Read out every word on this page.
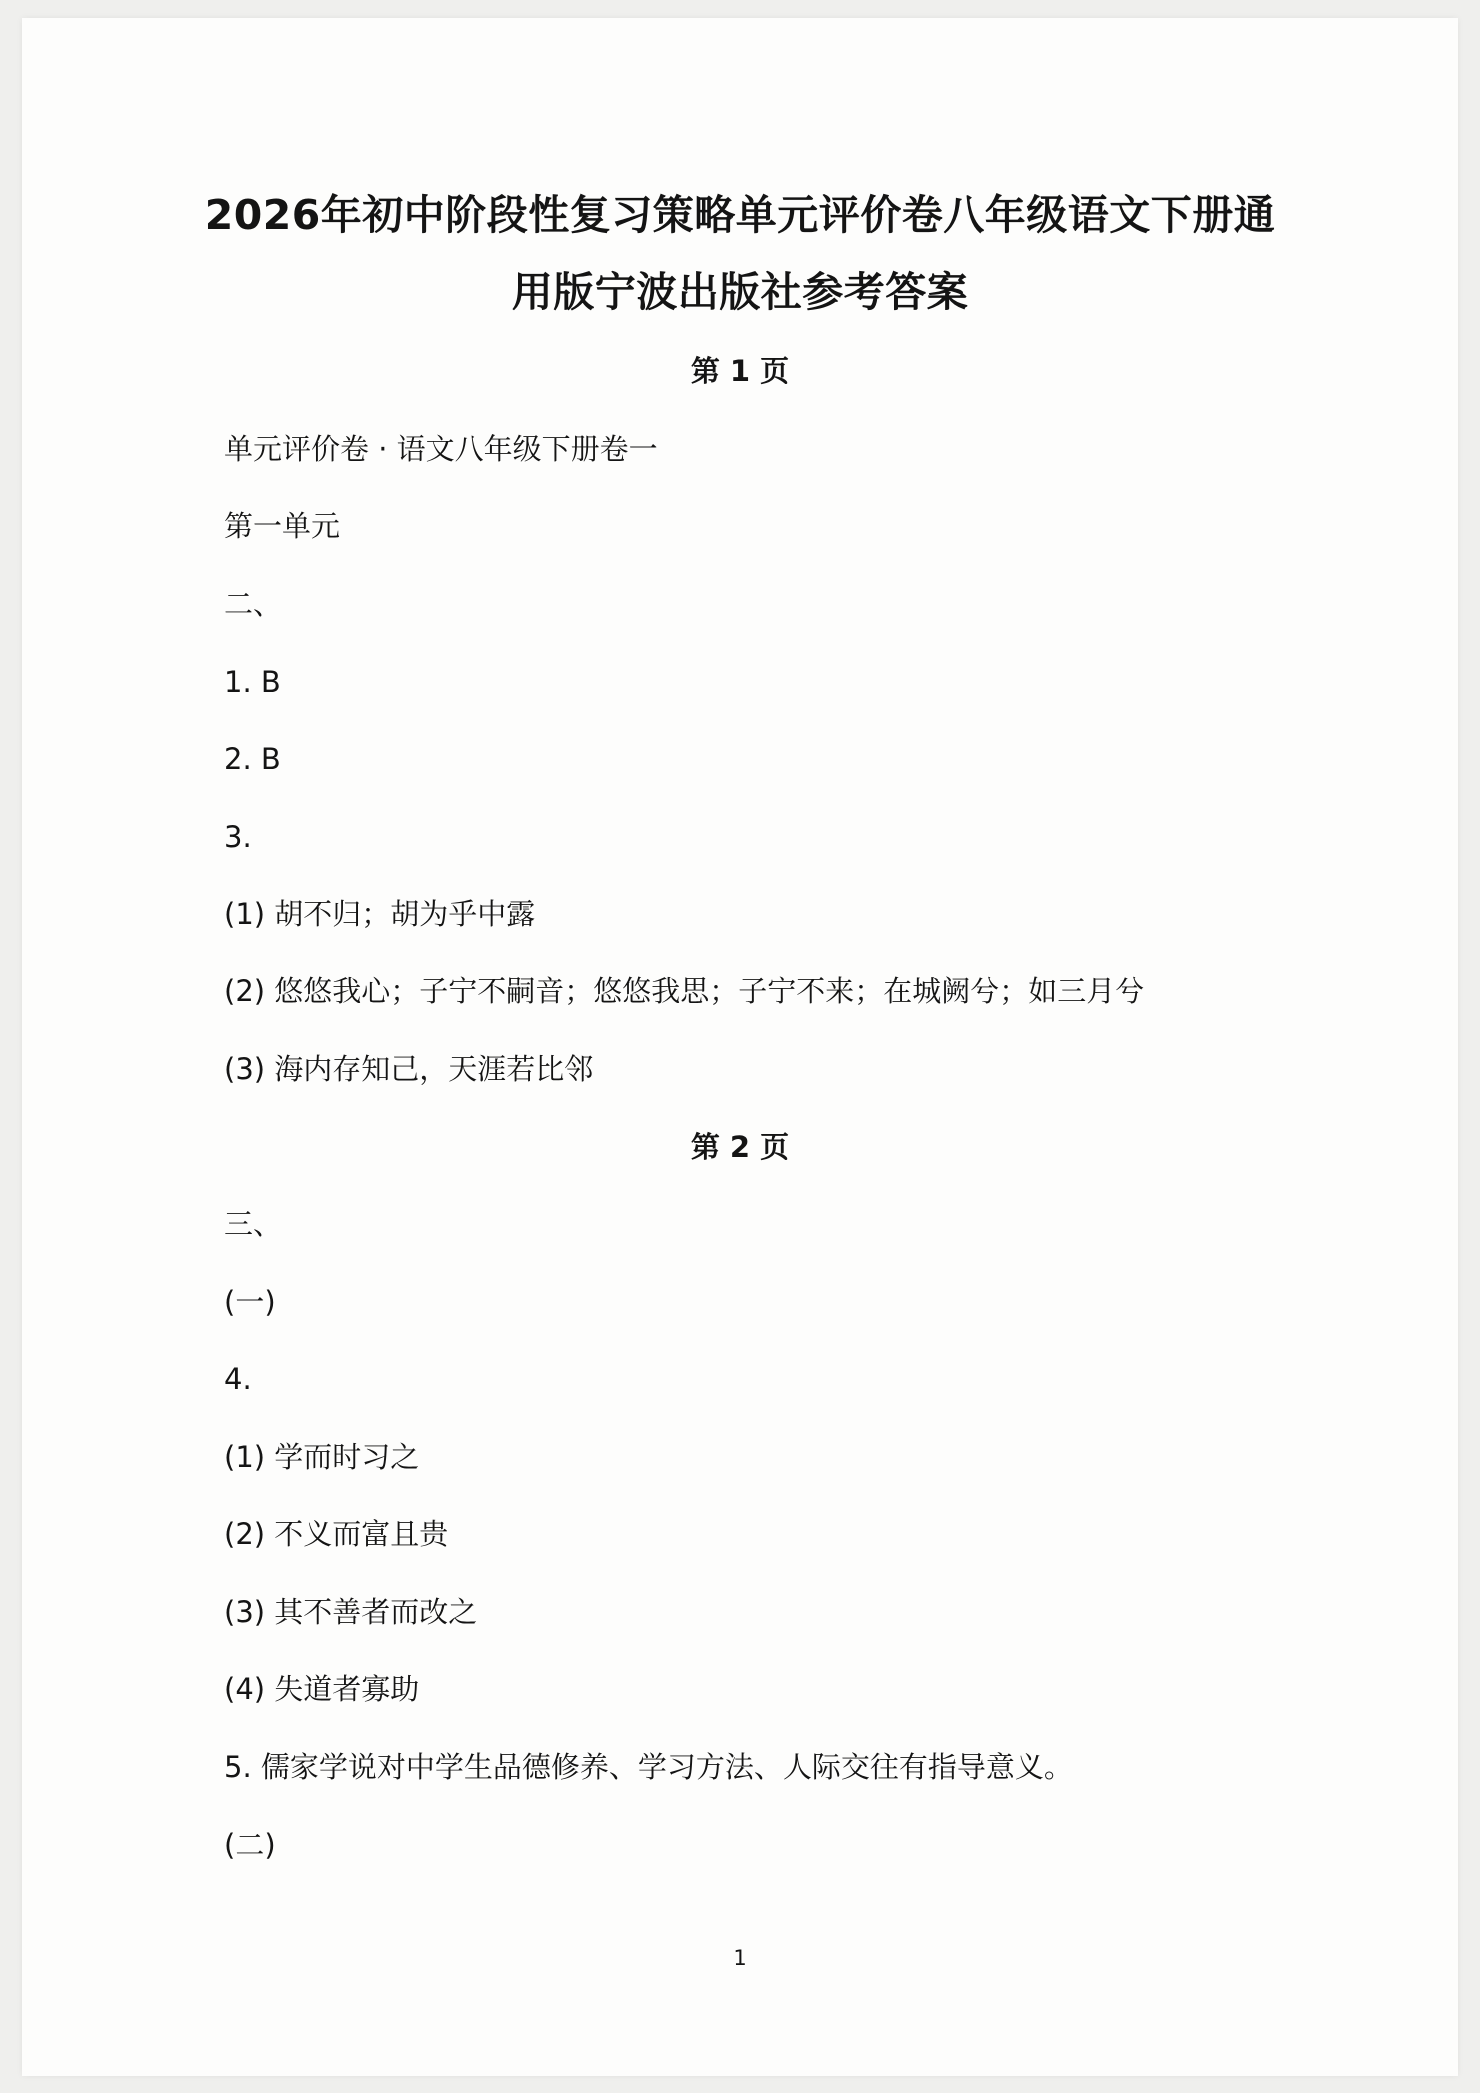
2026年初中阶段性复习策略单元评价卷八年级语文下册通
用版宁波出版社参考答案
第 1 页
单元评价卷 · 语文八年级下册卷一
第一单元
二、
1. B
2. B
3.
(1) 胡不归；胡为乎中露
(2) 悠悠我心；子宁不嗣音；悠悠我思；子宁不来；在城阙兮；如三月兮
(3) 海内存知己，天涯若比邻
第 2 页
三、
(一)
4.
(1) 学而时习之
(2) 不义而富且贵
(3) 其不善者而改之
(4) 失道者寡助
5. 儒家学说对中学生品德修养、学习方法、人际交往有指导意义。
(二)
1
